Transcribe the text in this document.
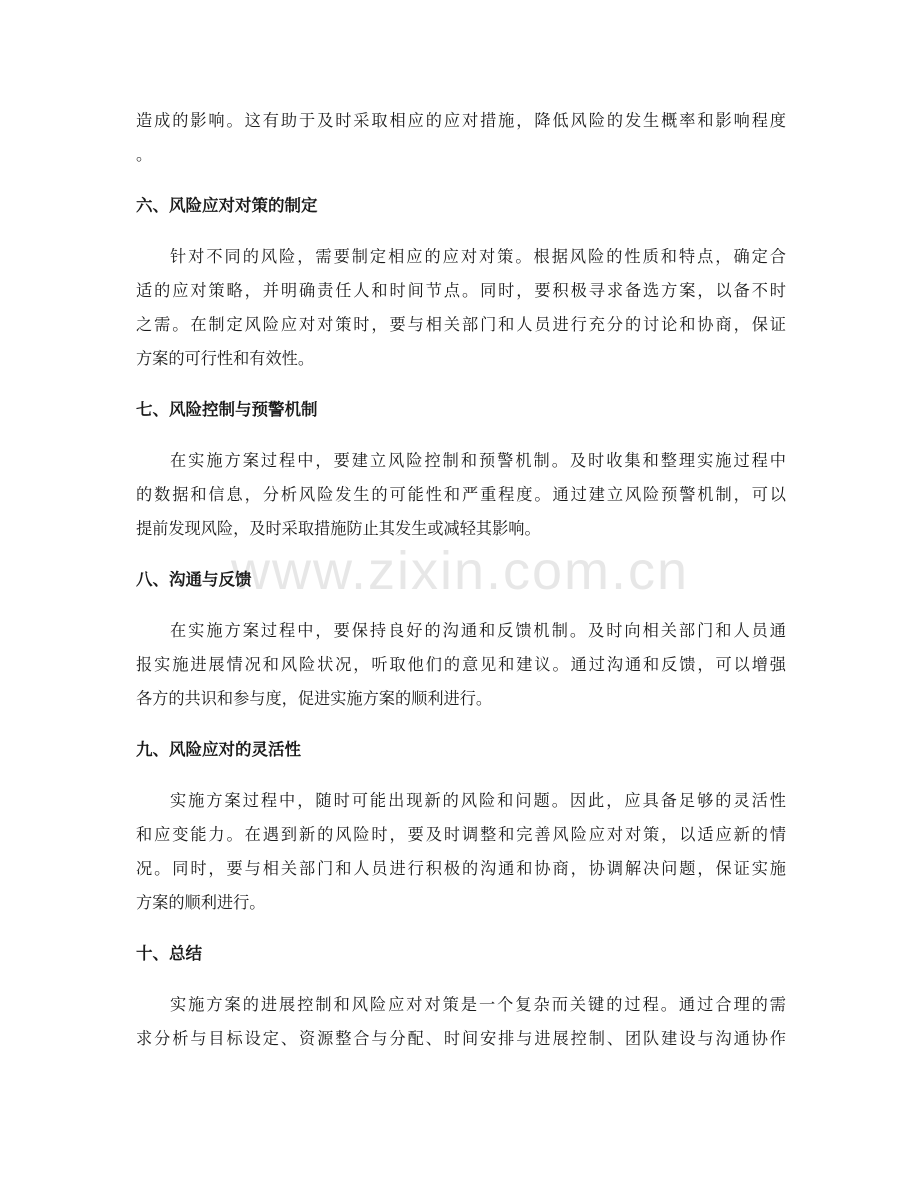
www.zixin.com.cn
造成的影响。这有助于及时采取相应的应对措施，降低风险的发生概率和影响程度
。
六、风险应对对策的制定
针对不同的风险，需要制定相应的应对对策。根据风险的性质和特点，确定合
适的应对策略，并明确责任人和时间节点。同时，要积极寻求备选方案，以备不时
之需。在制定风险应对对策时，要与相关部门和人员进行充分的讨论和协商，保证
方案的可行性和有效性。
七、风险控制与预警机制
在实施方案过程中，要建立风险控制和预警机制。及时收集和整理实施过程中
的数据和信息，分析风险发生的可能性和严重程度。通过建立风险预警机制，可以
提前发现风险，及时采取措施防止其发生或减轻其影响。
八、沟通与反馈
在实施方案过程中，要保持良好的沟通和反馈机制。及时向相关部门和人员通
报实施进展情况和风险状况，听取他们的意见和建议。通过沟通和反馈，可以增强
各方的共识和参与度，促进实施方案的顺利进行。
九、风险应对的灵活性
实施方案过程中，随时可能出现新的风险和问题。因此，应具备足够的灵活性
和应变能力。在遇到新的风险时，要及时调整和完善风险应对对策，以适应新的情
况。同时，要与相关部门和人员进行积极的沟通和协商，协调解决问题，保证实施
方案的顺利进行。
十、总结
实施方案的进展控制和风险应对对策是一个复杂而关键的过程。通过合理的需
求分析与目标设定、资源整合与分配、时间安排与进展控制、团队建设与沟通协作
